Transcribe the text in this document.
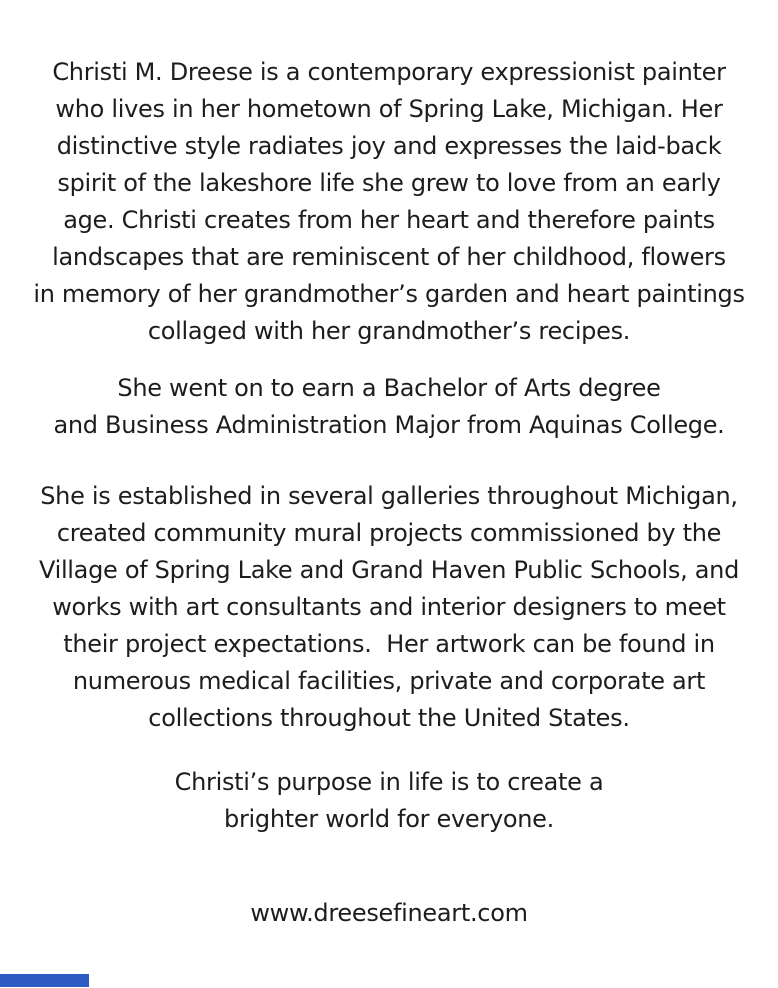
Christi M. Dreese is a contemporary expressionist painter
who lives in her hometown of Spring Lake, Michigan. Her
distinctive style radiates joy and expresses the laid-back
spirit of the lakeshore life she grew to love from an early
age. Christi creates from her heart and therefore paints
landscapes that are reminiscent of her childhood, flowers
in memory of her grandmother’s garden and heart paintings
collaged with her grandmother’s recipes.
She went on to earn a Bachelor of Arts degree
and Business Administration Major from Aquinas College.
She is established in several galleries throughout Michigan,
created community mural projects commissioned by the
Village of Spring Lake and Grand Haven Public Schools, and
works with art consultants and interior designers to meet
their project expectations.  Her artwork can be found in
numerous medical facilities, private and corporate art
collections throughout the United States.
Christi’s purpose in life is to create a
brighter world for everyone.
www.dreesefineart.com
